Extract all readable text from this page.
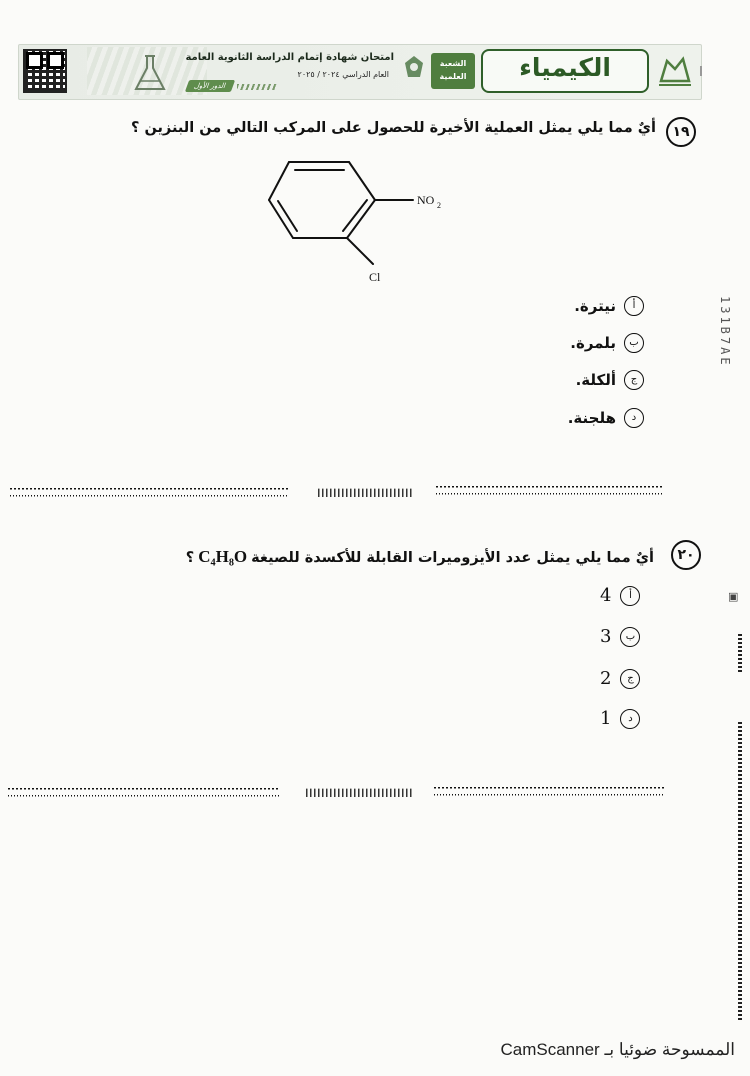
امتحان شهادة إتمام الدراسة الثانوية العامة
العام الدراسي ٢٠٢٤ / ٢٠٢٥
الدور الأول
الشعبة العلمية	الكيمياء
١٩
أيٌ مما يلي يمثل العملية الأخيرة للحصول على المركب التالي من البنزين ؟
NO 2
Cl
أ
نيترة.
ب
بلمرة.
ج
ألكلة.
د
هلجنة.
٢٠
أيٌ مما يلي يمثل عدد الأيزوميرات القابلة للأكسدة للصيغة
C₄H₈O
؟
4	أ
3	ب
2	ج
1	د
131B7AE
▣
CamScanner الممسوحة ضوئيا بـ
